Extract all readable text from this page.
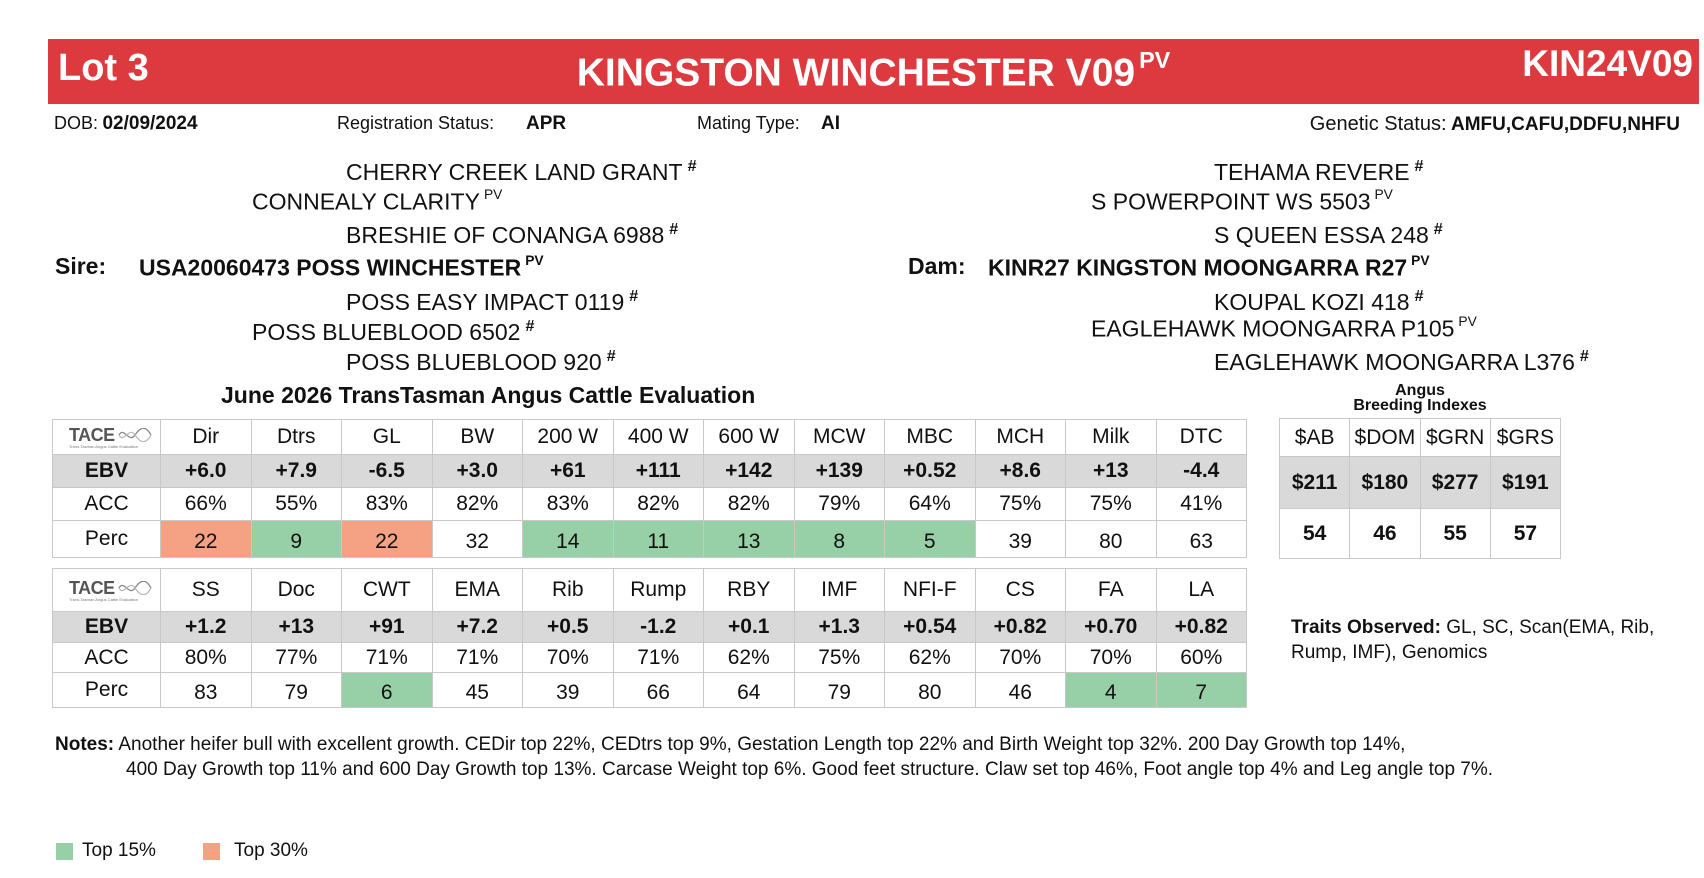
Lot 3	KINGSTON WINCHESTER V09 $^{PV}$	KIN24V09
DOB: 02/09/2024	Registration Status: APR	Mating Type: AI	Genetic Status: AMFU,CAFU,DDFU,NHFU
CHERRY CREEK LAND GRANT #
CONNEALY CLARITY $^{PV}$
BRESHIE OF CONANGA 6988 #
Sire: USA20060473 POSS WINCHESTER $^{PV}$
POSS EASY IMPACT 0119 #
POSS BLUEBLOOD 6502 #
POSS BLUEBLOOD 920 #
TEHAMA REVERE #
S POWERPOINT WS 5503 $^{PV}$
S QUEEN ESSA 248 #
Dam: KINR27 KINGSTON MOONGARRA R27 $^{PV}$
KOUPAL KOZI 418 #
EAGLEHAWK MOONGARRA P105 $^{PV}$
EAGLEHAWK MOONGARRA L376 #
June 2026 TransTasman Angus Cattle Evaluation
TACE
Trans-Tasman Angus Cattle Evaluation	Dir	Dtrs	GL	BW	200 W	400 W	600 W	MCW	MBC	MCH	Milk	DTC
EBV	+6.0	+7.9	-6.5	+3.0	+61	+111	+142	+139	+0.52	+8.6	+13	-4.4
ACC	66%	55%	83%	82%	83%	82%	82%	79%	64%	75%	75%	41%
Perc	22	9	22	32	14	11	13	8	5	39	80	63
TACE
Trans-Tasman Angus Cattle Evaluation	SS	Doc	CWT	EMA	Rib	Rump	RBY	IMF	NFI-F	CS	FA	LA
EBV	+1.2	+13	+91	+7.2	+0.5	-1.2	+0.1	+1.3	+0.54	+0.82	+0.70	+0.82
ACC	80%	77%	71%	71%	70%	71%	62%	75%	62%	70%	70%	60%
Perc	83	79	6	45	39	66	64	79	80	46	4	7
Angus
Breeding Indexes
$AB	$DOM	$GRN	$GRS
$211	$180	$277	$191
54	46	55	57
Traits Observed: GL, SC, Scan(EMA, Rib,
Rump, IMF), Genomics
Notes: Another heifer bull with excellent growth. CEDir top 22%, CEDtrs top 9%, Gestation Length top 22% and Birth Weight top 32%. 200 Day Growth top 14%,
400 Day Growth top 11% and 600 Day Growth top 13%. Carcase Weight top 6%. Good feet structure. Claw set top 46%, Foot angle top 4% and Leg angle top 7%.
Top 15%	Top 30%
